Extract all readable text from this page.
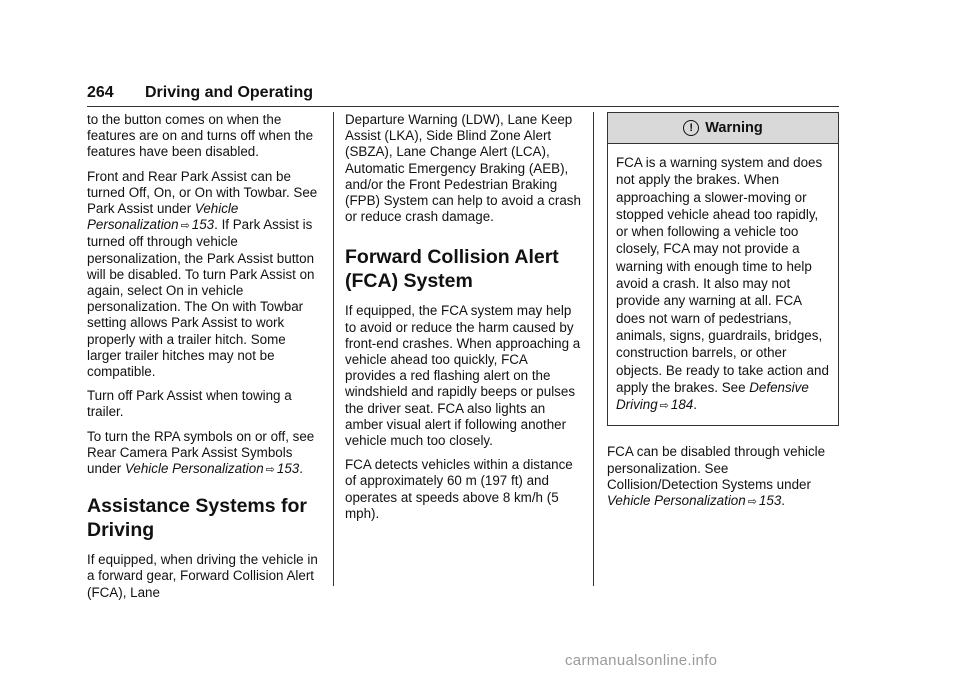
264 Driving and Operating

to the button comes on when the features are on and turns off when the features have been disabled.

Front and Rear Park Assist can be turned Off, On, or On with Towbar. See Park Assist under Vehicle Personalization ⇨ 153. If Park Assist is turned off through vehicle personalization, the Park Assist button will be disabled. To turn Park Assist on again, select On in vehicle personalization. The On with Towbar setting allows Park Assist to work properly with a trailer hitch. Some larger trailer hitches may not be compatible.

Turn off Park Assist when towing a trailer.

To turn the RPA symbols on or off, see Rear Camera Park Assist Symbols under Vehicle Personalization ⇨ 153.

Assistance Systems for Driving

If equipped, when driving the vehicle in a forward gear, Forward Collision Alert (FCA), Lane

Departure Warning (LDW), Lane Keep Assist (LKA), Side Blind Zone Alert (SBZA), Lane Change Alert (LCA), Automatic Emergency Braking (AEB), and/or the Front Pedestrian Braking (FPB) System can help to avoid a crash or reduce crash damage.

Forward Collision Alert (FCA) System

If equipped, the FCA system may help to avoid or reduce the harm caused by front-end crashes. When approaching a vehicle ahead too quickly, FCA provides a red flashing alert on the windshield and rapidly beeps or pulses the driver seat. FCA also lights an amber visual alert if following another vehicle much too closely.

FCA detects vehicles within a distance of approximately 60 m (197 ft) and operates at speeds above 8 km/h (5 mph).

! Warning
FCA is a warning system and does not apply the brakes. When approaching a slower-moving or stopped vehicle ahead too rapidly, or when following a vehicle too closely, FCA may not provide a warning with enough time to help avoid a crash. It also may not provide any warning at all. FCA does not warn of pedestrians, animals, signs, guardrails, bridges, construction barrels, or other objects. Be ready to take action and apply the brakes. See Defensive Driving ⇨ 184.

FCA can be disabled through vehicle personalization. See Collision/Detection Systems under Vehicle Personalization ⇨ 153.

carmanualsonline.info
